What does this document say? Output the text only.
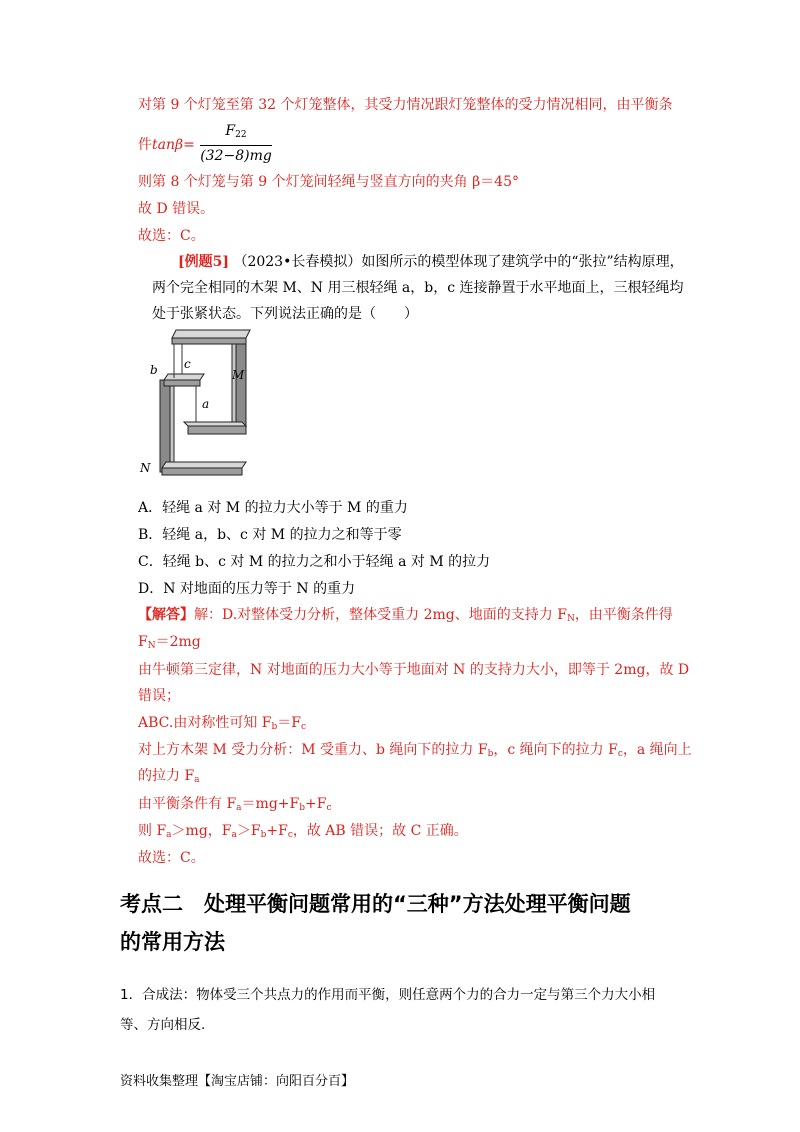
对第 9 个灯笼至第 32 个灯笼整体，其受力情况跟灯笼整体的受力情况相同，由平衡条
件tanβ=
$F_{22}$
(32−8)mg
则第 8 个灯笼与第 9 个灯笼间轻绳与竖直方向的夹角 β＝45°
故 D 错误。
故选：C。
[例题5] （2023•长春模拟）如图所示的模型体现了建筑学中的“张拉”结构原理，
两个完全相同的木架 M、N 用三根轻绳 a，b，c 连接静置于水平地面上，三根轻绳均
处于张紧状态。下列说法正确的是（　　）
b c
a
M
N
A．轻绳 a 对 M 的拉力大小等于 M 的重力
B．轻绳 a，b、c 对 M 的拉力之和等于零
C．轻绳 b、c 对 M 的拉力之和小于轻绳 a 对 M 的拉力
D．N 对地面的压力等于 N 的重力
【解答】解：D.对整体受力分析，整体受重力 2mg、地面的支持力 $F_N$，由平衡条件得
$F_N=2mg$
由牛顿第三定律，N 对地面的压力大小等于地面对 N 的支持力大小，即等于 2mg，故 D
错误；
ABC.由对称性可知 $F_b=F_c$
对上方木架 M 受力分析：M 受重力、b 绳向下的拉力 $F_b$，c 绳向下的拉力 $F_c$，a 绳向上
的拉力 $F_a$
由平衡条件有 $F_a=mg+F_b+F_c$
则 $F_a>mg$，$F_a>F_b+F_c$，故 AB 错误；故 C 正确。
故选：C。
考点二　处理平衡问题常用的“三种”方法处理平衡问题
的常用方法
1．合成法：物体受三个共点力的作用而平衡，则任意两个力的合力一定与第三个力大小相
等、方向相反.
资料收集整理【淘宝店铺：向阳百分百】
